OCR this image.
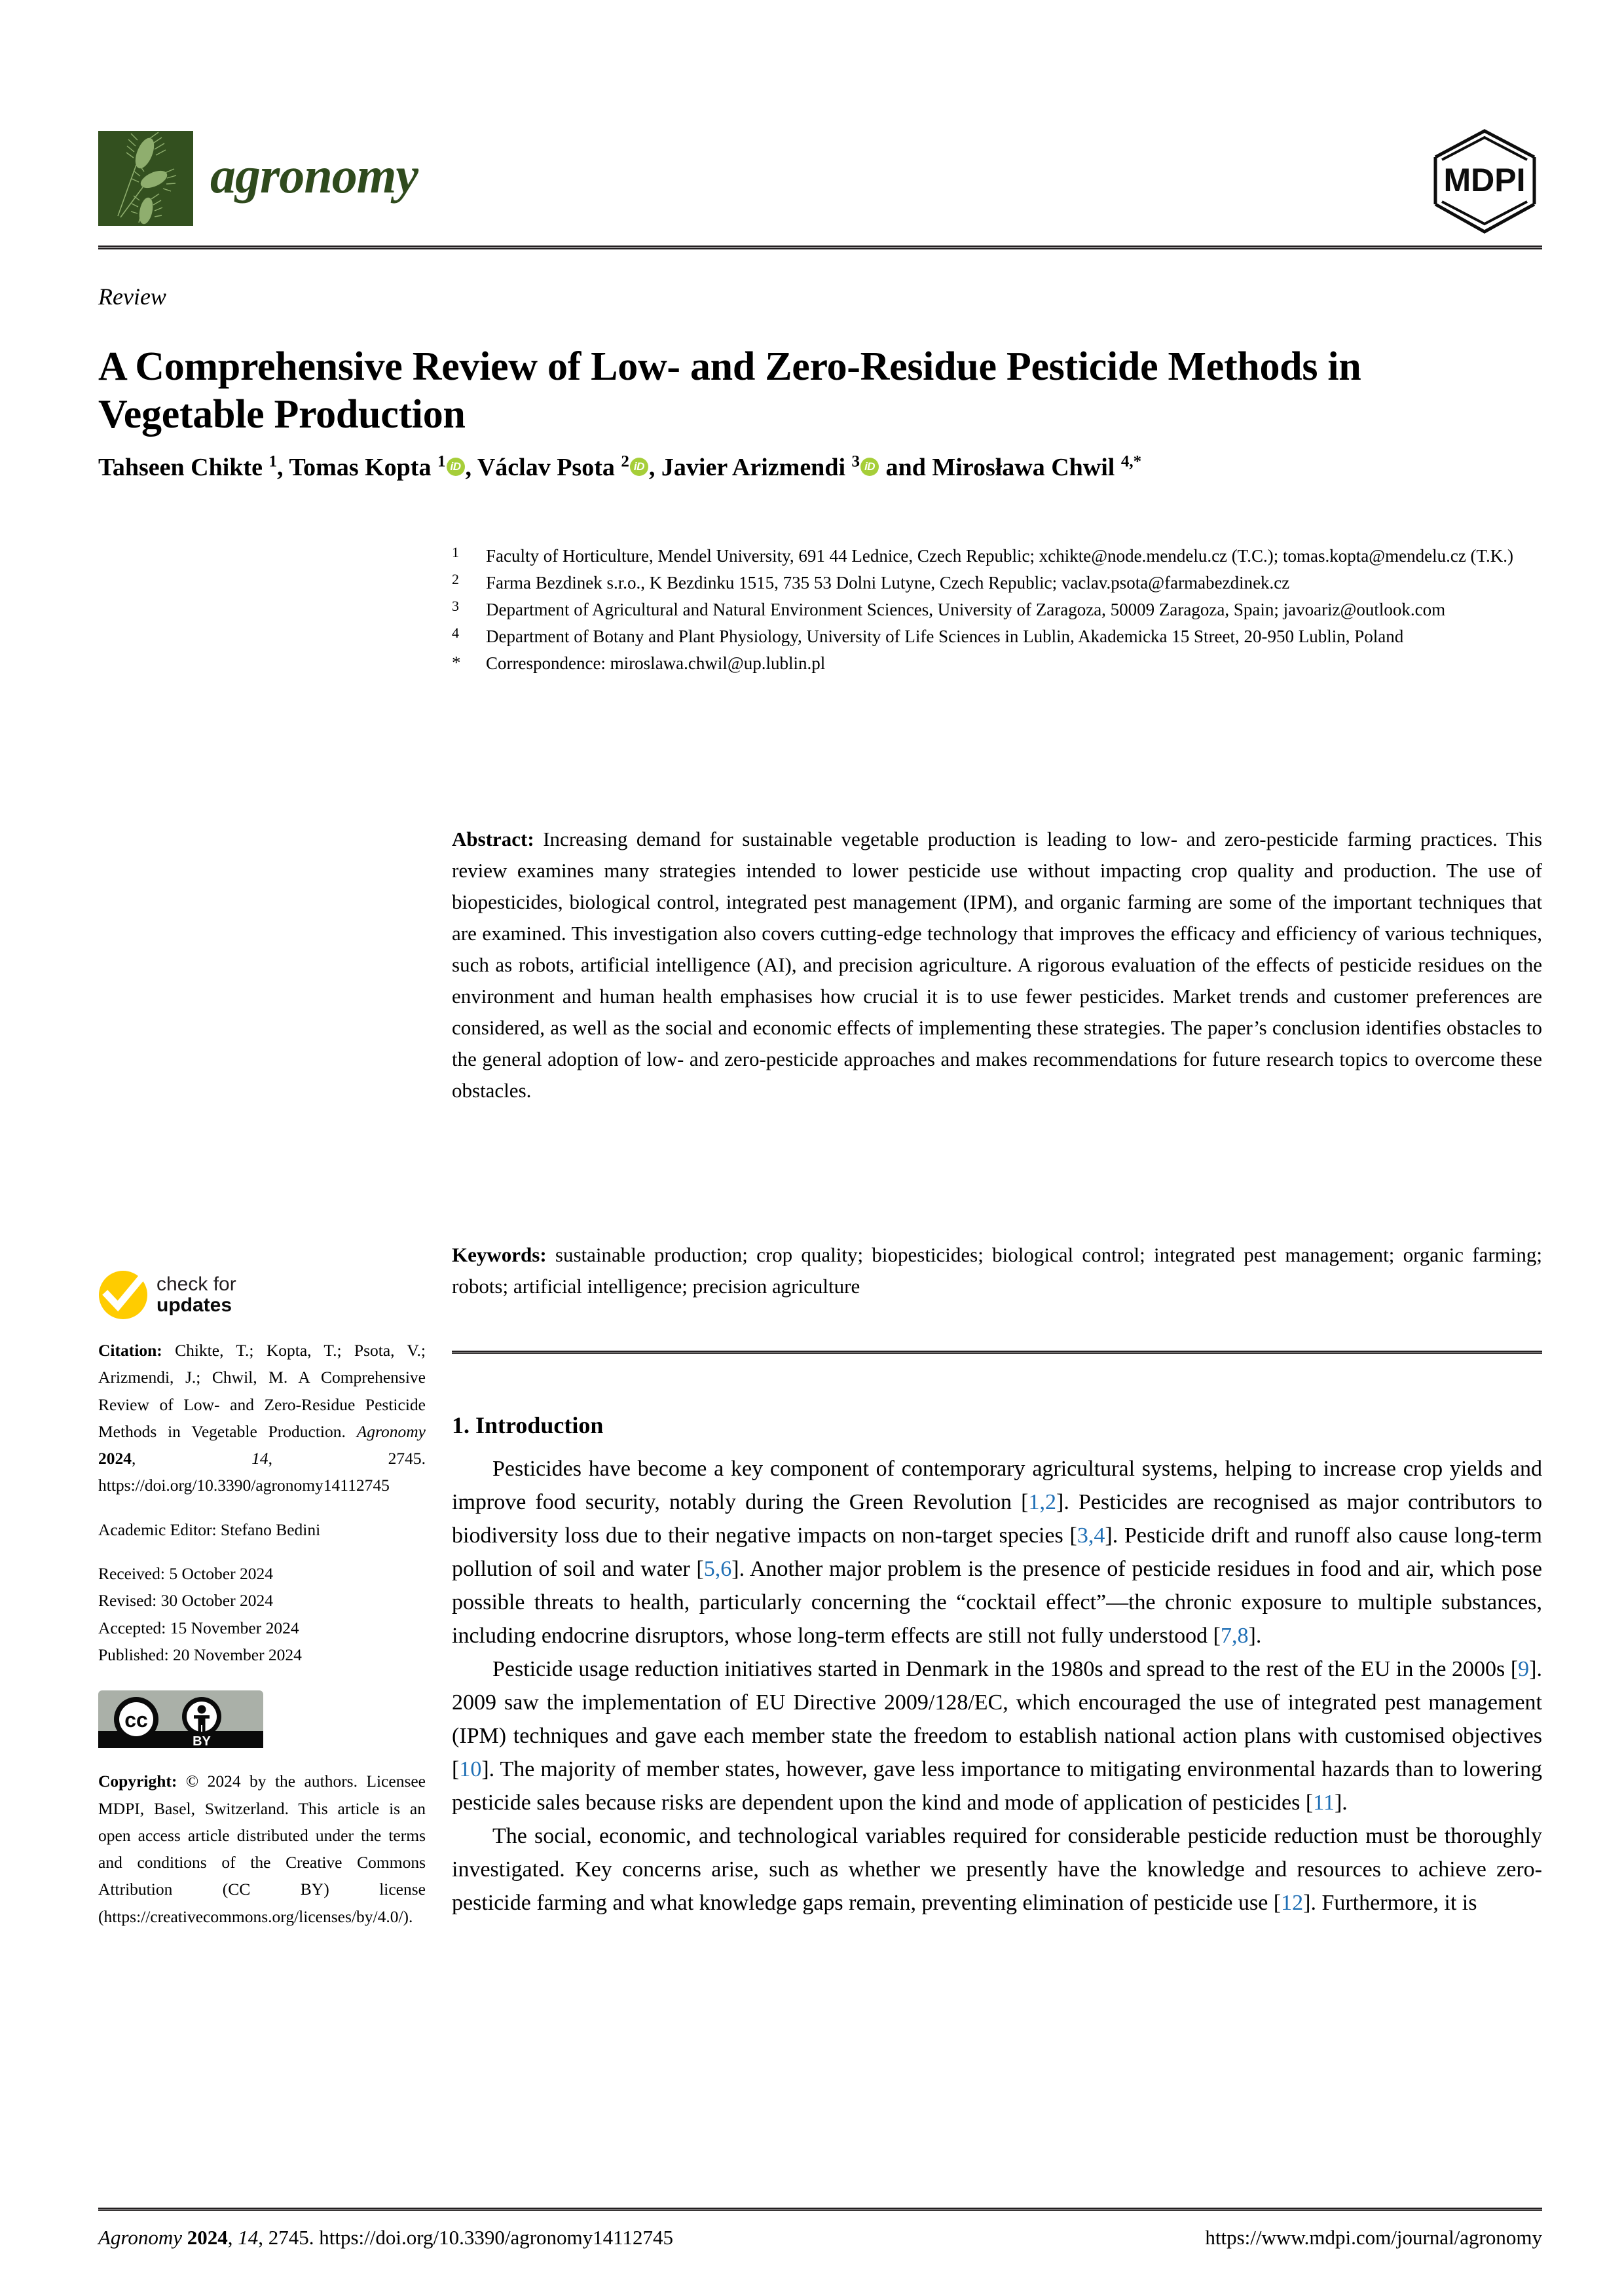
agronomy	MDPI
Review
A Comprehensive Review of Low- and Zero-Residue Pesticide Methods in Vegetable Production
Tahseen Chikte $^1$, Tomas Kopta $^1$ iD , Václav Psota $^2$ iD , Javier Arizmendi $^3$ iD and Mirosława Chwil $^{4,*}$
1	Faculty of Horticulture, Mendel University, 691 44 Lednice, Czech Republic; xchikte@node.mendelu.cz (T.C.); tomas.kopta@mendelu.cz (T.K.)
2	Farma Bezdinek s.r.o., K Bezdinku 1515, 735 53 Dolni Lutyne, Czech Republic; vaclav.psota@farmabezdinek.cz
3	Department of Agricultural and Natural Environment Sciences, University of Zaragoza, 50009 Zaragoza, Spain; javoariz@outlook.com
4	Department of Botany and Plant Physiology, University of Life Sciences in Lublin, Akademicka 15 Street, 20-950 Lublin, Poland
*	Correspondence: miroslawa.chwil@up.lublin.pl
Abstract: Increasing demand for sustainable vegetable production is leading to low- and zero-pesticide farming practices. This review examines many strategies intended to lower pesticide use without impacting crop quality and production. The use of biopesticides, biological control, integrated pest management (IPM), and organic farming are some of the important techniques that are examined. This investigation also covers cutting-edge technology that improves the efficacy and efficiency of various techniques, such as robots, artificial intelligence (AI), and precision agriculture. A rigorous evaluation of the effects of pesticide residues on the environment and human health emphasises how crucial it is to use fewer pesticides. Market trends and customer preferences are considered, as well as the social and economic effects of implementing these strategies. The paper’s conclusion identifies obstacles to the general adoption of low- and zero-pesticide approaches and makes recommendations for future research topics to overcome these obstacles.
Keywords: sustainable production; crop quality; biopesticides; biological control; integrated pest management; organic farming; robots; artificial intelligence; precision agriculture
check for
updates
Citation: Chikte, T.; Kopta, T.; Psota, V.; Arizmendi, J.; Chwil, M. A Comprehensive Review of Low- and Zero-Residue Pesticide Methods in Vegetable Production. Agronomy 2024, 14, 2745. https://doi.org/10.3390/agronomy14112745
Academic Editor: Stefano Bedini
Received: 5 October 2024
Revised: 30 October 2024
Accepted: 15 November 2024
Published: 20 November 2024
cc
BY
Copyright: © 2024 by the authors. Licensee MDPI, Basel, Switzerland. This article is an open access article distributed under the terms and conditions of the Creative Commons Attribution (CC BY) license (https://creativecommons.org/licenses/by/4.0/).
1. Introduction

Pesticides have become a key component of contemporary agricultural systems, helping to increase crop yields and improve food security, notably during the Green Revolution [1,2]. Pesticides are recognised as major contributors to biodiversity loss due to their negative impacts on non-target species [3,4]. Pesticide drift and runoff also cause long-term pollution of soil and water [5,6]. Another major problem is the presence of pesticide residues in food and air, which pose possible threats to health, particularly concerning the “cocktail effect”—the chronic exposure to multiple substances, including endocrine disruptors, whose long-term effects are still not fully understood [7,8].

Pesticide usage reduction initiatives started in Denmark in the 1980s and spread to the rest of the EU in the 2000s [9]. 2009 saw the implementation of EU Directive 2009/128/EC, which encouraged the use of integrated pest management (IPM) techniques and gave each member state the freedom to establish national action plans with customised objectives [10]. The majority of member states, however, gave less importance to mitigating environmental hazards than to lowering pesticide sales because risks are dependent upon the kind and mode of application of pesticides [11].

The social, economic, and technological variables required for considerable pesticide reduction must be thoroughly investigated. Key concerns arise, such as whether we presently have the knowledge and resources to achieve zero-pesticide farming and what knowledge gaps remain, preventing elimination of pesticide use [12]. Furthermore, it is

Agronomy 2024, 14, 2745. https://doi.org/10.3390/agronomy14112745	https://www.mdpi.com/journal/agronomy
